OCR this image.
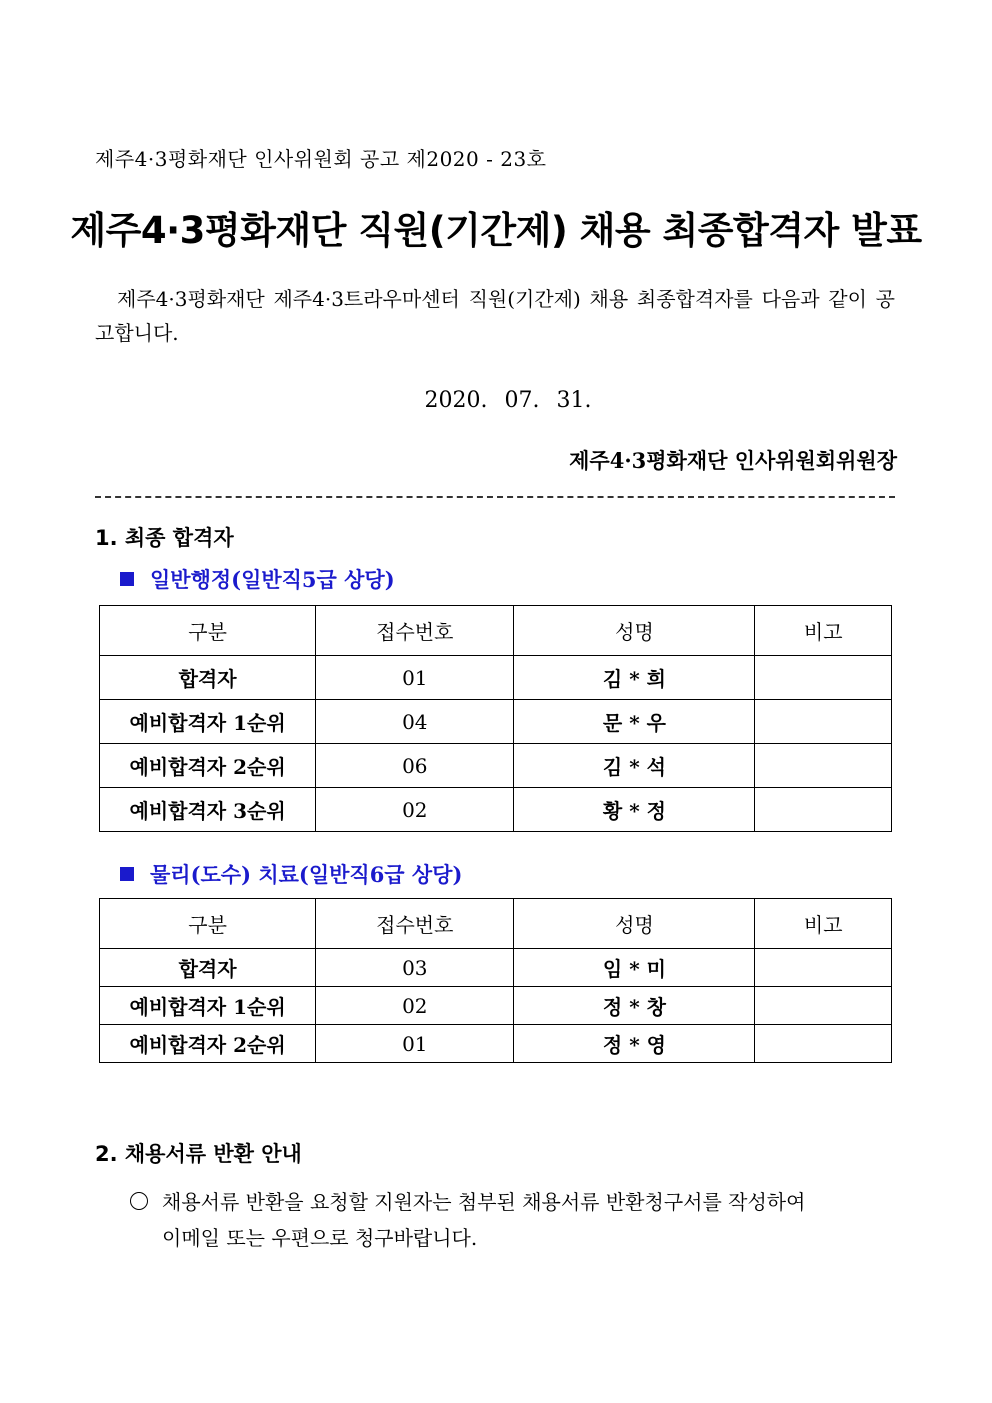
제주4·3평화재단 인사위원회 공고 제2020 - 23호
제주4·3평화재단 직원(기간제) 채용 최종합격자 발표
제주4·3평화재단 제주4·3트라우마센터 직원(기간제) 채용 최종합격자를 다음과 같이 공고합니다.
2020. 07. 31.
제주4·3평화재단 인사위원회위원장
1. 최종 합격자
일반행정(일반직5급 상당)
구분	접수번호	성명	비고
합격자	01	김 * 희	
예비합격자 1순위	04	문 * 우	
예비합격자 2순위	06	김 * 석	
예비합격자 3순위	02	황 * 정	
물리(도수) 치료(일반직6급 상당)
구분	접수번호	성명	비고
합격자	03	임 * 미	
예비합격자 1순위	02	정 * 창	
예비합격자 2순위	01	정 * 영	
2. 채용서류 반환 안내
채용서류 반환을 요청할 지원자는 첨부된 채용서류 반환청구서를 작성하여
이메일 또는 우편으로 청구바랍니다.
